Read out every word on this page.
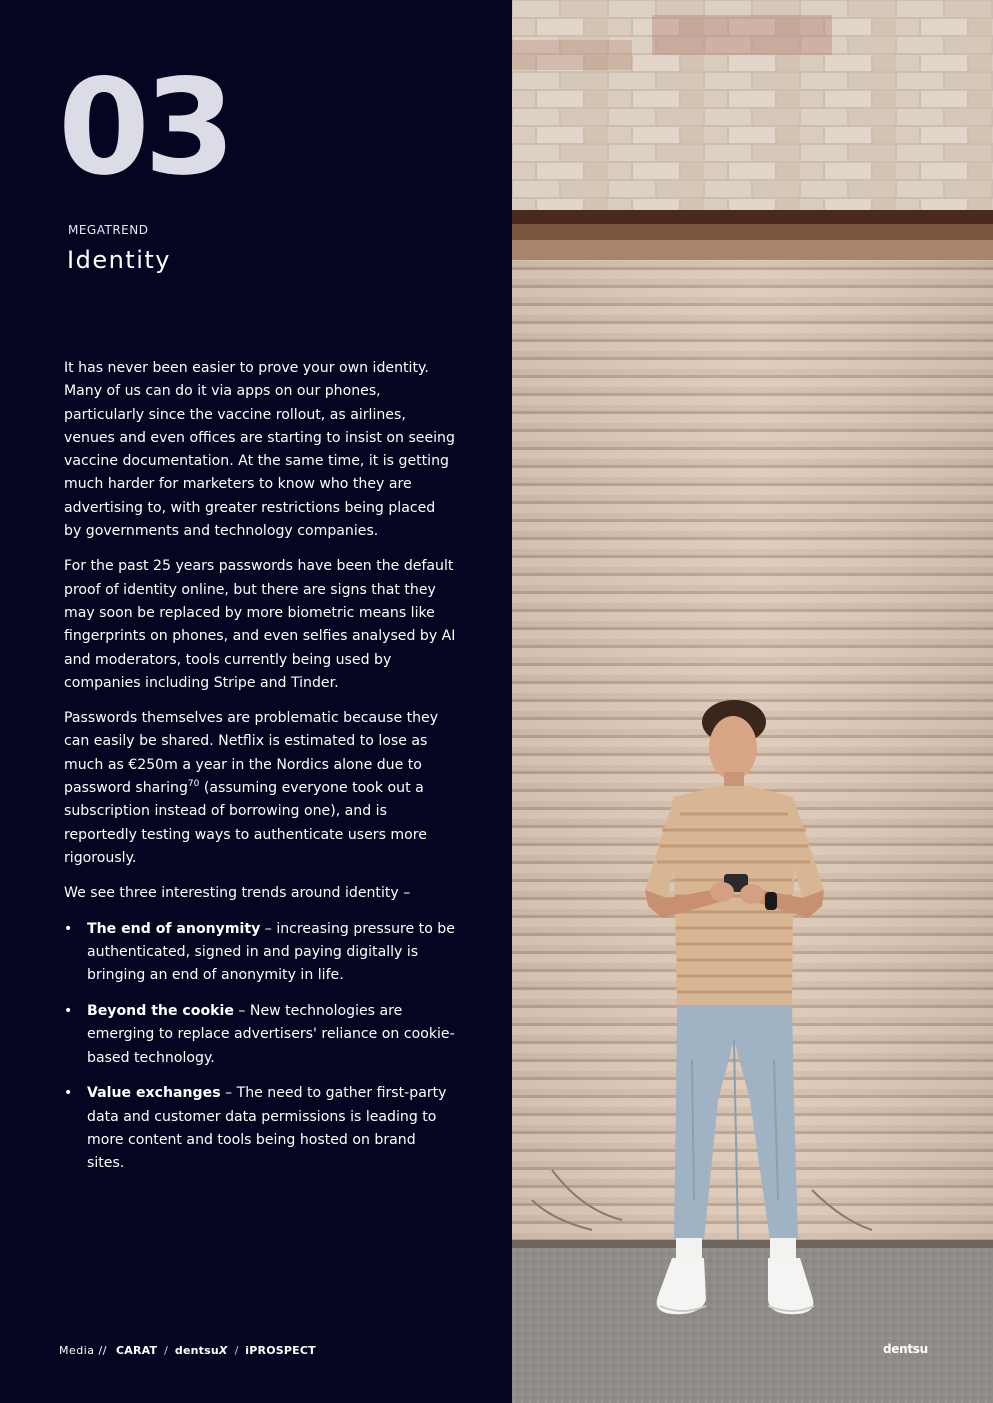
03
MEGATREND
Identity

It has never been easier to prove your own identity. Many of us can do it via apps on our phones, particularly since the vaccine rollout, as airlines, venues and even offices are starting to insist on seeing vaccine documentation. At the same time, it is getting much harder for marketers to know who they are advertising to, with greater restrictions being placed by governments and technology companies.

For the past 25 years passwords have been the default proof of identity online, but there are signs that they may soon be replaced by more biometric means like fingerprints on phones, and even selfies analysed by AI and moderators, tools currently being used by companies including Stripe and Tinder.

Passwords themselves are problematic because they can easily be shared. Netflix is estimated to lose as much as €250m a year in the Nordics alone due to password sharing$^{70}$ (assuming everyone took out a subscription instead of borrowing one), and is reportedly testing ways to authenticate users more rigorously.

We see three interesting trends around identity –

• The end of anonymity – increasing pressure to be authenticated, signed in and paying digitally is bringing an end of anonymity in life.
• Beyond the cookie – New technologies are emerging to replace advertisers' reliance on cookie-based technology.
• Value exchanges – The need to gather first-party data and customer data permissions is leading to more content and tools being hosted on brand sites.
Media // CARAT / dentsu𝙓 / iPROSPECT	dentsu
